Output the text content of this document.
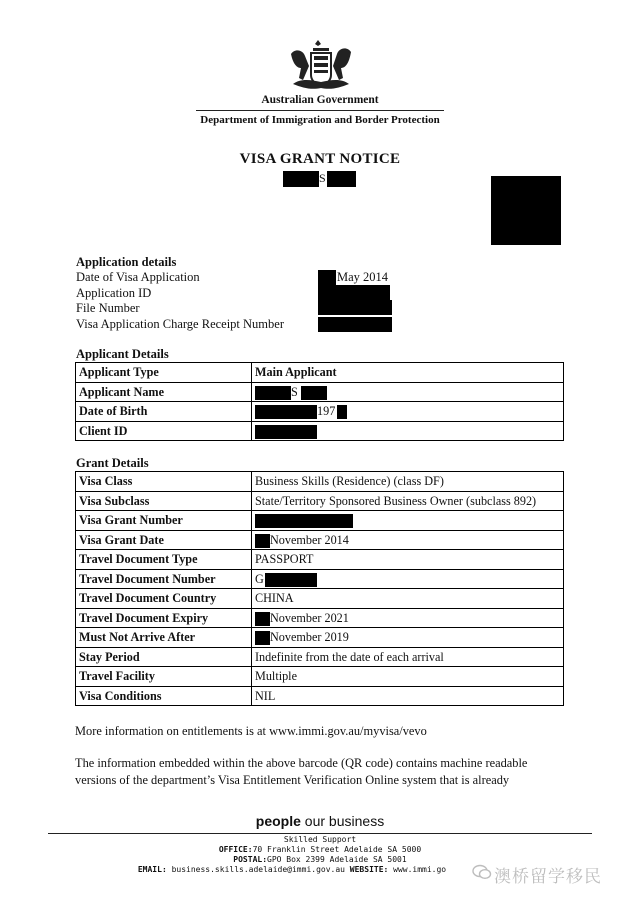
Australian Government
Department of Immigration and Border Protection
VISA GRANT NOTICE
S
Application details
Date of Visa Application	May 2014
Application ID
File Number
Visa Application Charge Receipt Number
Applicant Details
Applicant Type	Main Applicant
Applicant Name	S
Date of Birth	197
Client ID	
Grant Details
Visa Class	Business Skills (Residence) (class DF)
Visa Subclass	State/Territory Sponsored Business Owner (subclass 892)
Visa Grant Number	
Visa Grant Date	November 2014
Travel Document Type	PASSPORT
Travel Document Number	G
Travel Document Country	CHINA
Travel Document Expiry	November 2021
Must Not Arrive After	November 2019
Stay Period	Indefinite from the date of each arrival
Travel Facility	Multiple
Visa Conditions	NIL
More information on entitlements is at www.immi.gov.au/myvisa/vevo
The information embedded within the above barcode (QR code) contains machine readable
versions of the department’s Visa Entitlement Verification Online system that is already
people our business
Skilled Support
OFFICE:70 Franklin Street Adelaide SA 5000
POSTAL:GPO Box 2399 Adelaide SA 5001
EMAIL: business.skills.adelaide@immi.gov.au WEBSITE: www.immi.go	澳桥留学移民
